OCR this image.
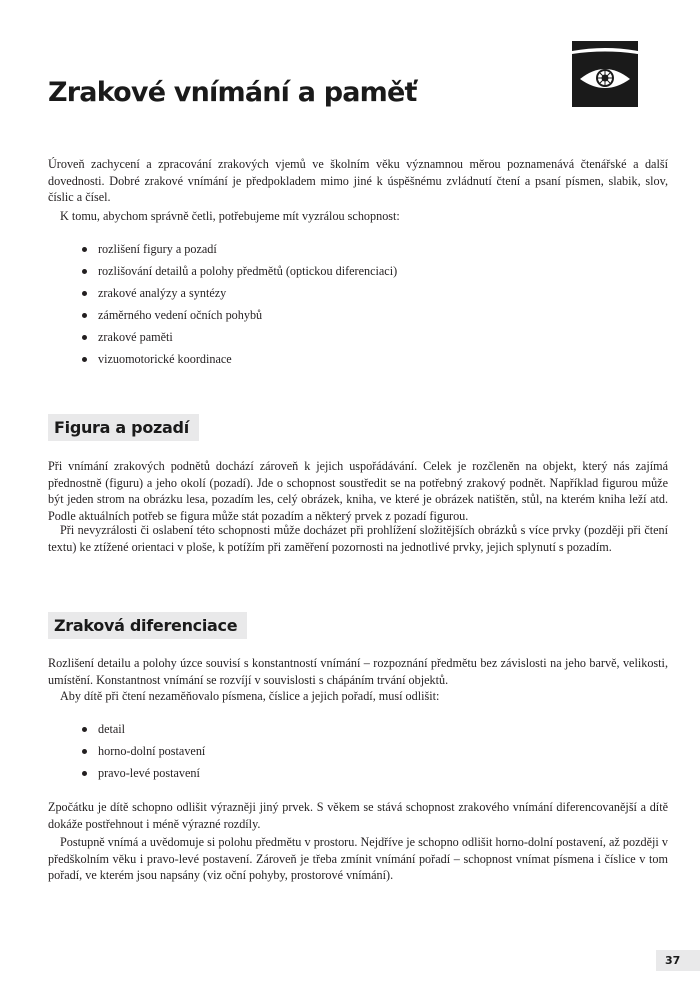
Zrakové vnímání a paměť

Úroveň zachycení a zpracování zrakových vjemů ve školním věku významnou měrou poznamenává čtenářské a další dovednosti. Dobré zrakové vnímání je předpokladem mimo jiné k úspěšnému zvládnutí čtení a psaní písmen, slabik, slov, číslic a čísel.

K tomu, abychom správně četli, potřebujeme mít vyzrálou schopnost:

rozlišení figury a pozadí
rozlišování detailů a polohy předmětů (optickou diferenciaci)
zrakové analýzy a syntézy
záměrného vedení očních pohybů
zrakové paměti
vizuomotorické koordinace
Figura a pozadí

Při vnímání zrakových podnětů dochází zároveň k jejich uspořádávání. Celek je rozčleněn na objekt, který nás zajímá přednostně (figuru) a jeho okolí (pozadí). Jde o schopnost soustředit se na potřebný zrakový podnět. Například figurou může být jeden strom na obrázku lesa, pozadím les, celý obrázek, kniha, ve které je obrázek natištěn, stůl, na kterém kniha leží atd. Podle aktuálních potřeb se figura může stát pozadím a některý prvek z pozadí figurou.

Při nevyzrálosti či oslabení této schopnosti může docházet při prohlížení složitějších obrázků s více prvky (později při čtení textu) ke ztížené orientaci v ploše, k potížím při zaměření pozornosti na jednotlivé prvky, jejich splynutí s pozadím.

Zraková diferenciace

Rozlišení detailu a polohy úzce souvisí s konstantností vnímání – rozpoznání předmětu bez závislosti na jeho barvě, velikosti, umístění. Konstantnost vnímání se rozvíjí v souvislosti s chápáním trvání objektů.

Aby dítě při čtení nezaměňovalo písmena, číslice a jejich pořadí, musí odlišit:

detail
horno-dolní postavení
pravo-levé postavení

Zpočátku je dítě schopno odlišit výrazněji jiný prvek. S věkem se stává schopnost zrakového vnímání diferencovanější a dítě dokáže postřehnout i méně výrazné rozdíly.

Postupně vnímá a uvědomuje si polohu předmětu v prostoru. Nejdříve je schopno odlišit horno-dolní postavení, až později v předškolním věku i pravo-levé postavení. Zároveň je třeba zmínit vnímání pořadí – schopnost vnímat písmena i číslice v tom pořadí, ve kterém jsou napsány (viz oční pohyby, prostorové vnímání).

37
